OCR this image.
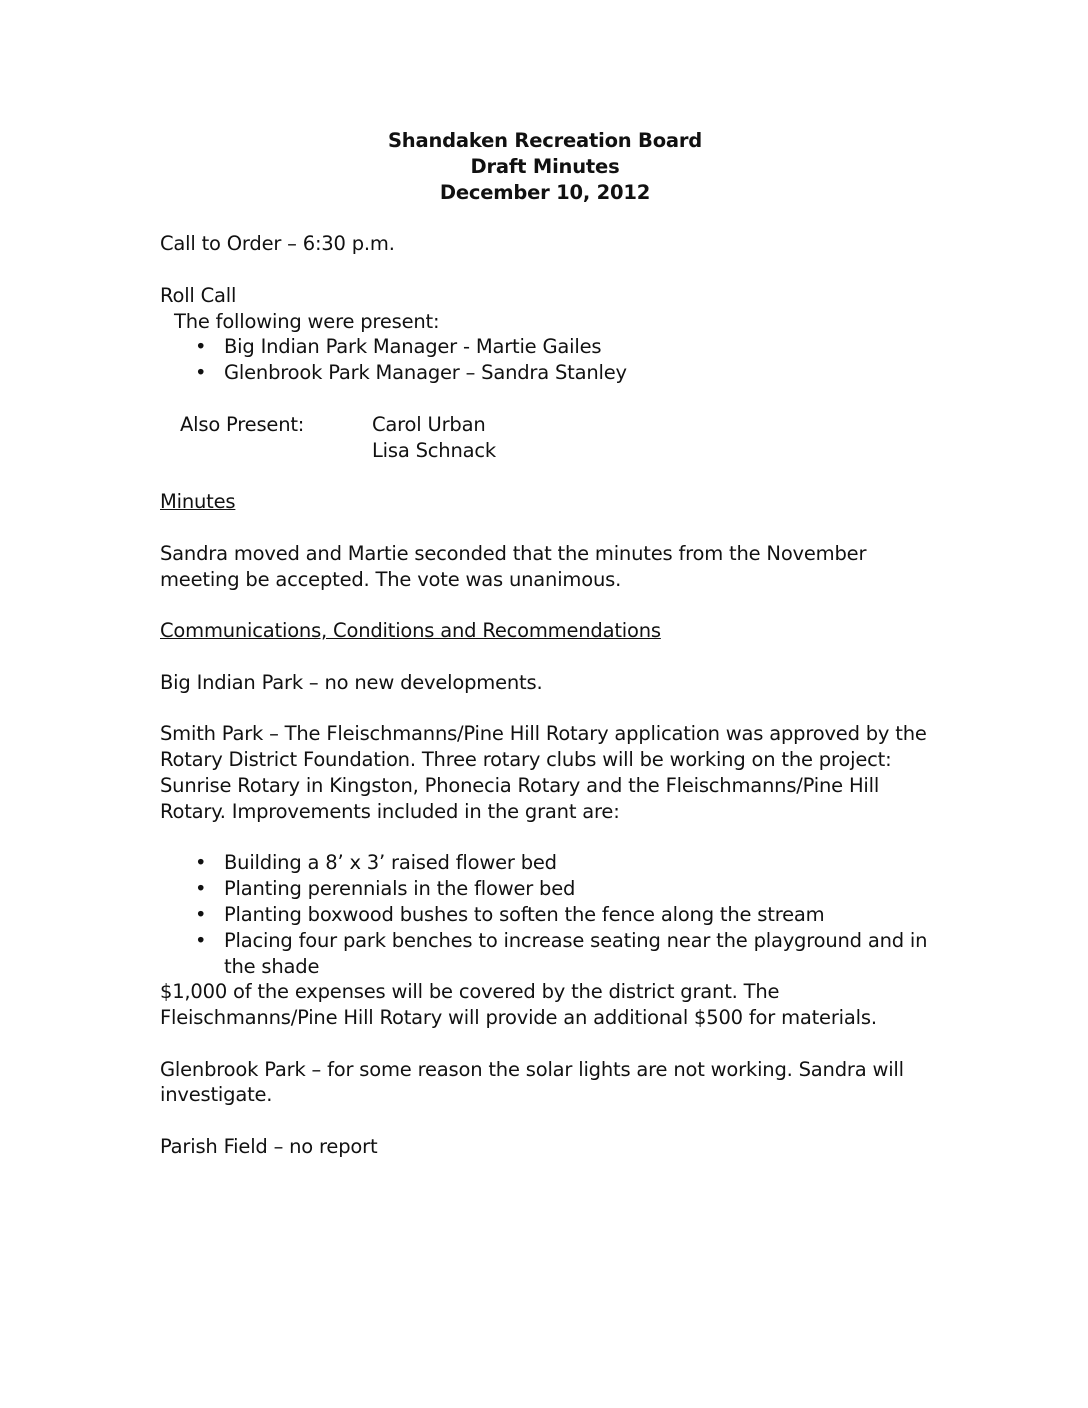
Shandaken Recreation Board
Draft Minutes
December 10, 2012

Call to Order – 6:30 p.m.

Roll Call

The following were present:

• Big Indian Park Manager - Martie Gailes
• Glenbrook Park Manager – Sandra Stanley
Also Present:	Carol Urban
Lisa Schnack

Minutes

Sandra moved and Martie seconded that the minutes from the November

meeting be accepted. The vote was unanimous.

Communications, Conditions and Recommendations

Big Indian Park – no new developments.

Smith Park – The Fleischmanns/Pine Hill Rotary application was approved by the

Rotary District Foundation. Three rotary clubs will be working on the project:

Sunrise Rotary in Kingston, Phonecia Rotary and the Fleischmanns/Pine Hill

Rotary. Improvements included in the grant are:

• Building a 8’ x 3’ raised flower bed
• Planting perennials in the flower bed
• Planting boxwood bushes to soften the fence along the stream
• Placing four park benches to increase seating near the playground and in
the shade

$1,000 of the expenses will be covered by the district grant. The

Fleischmanns/Pine Hill Rotary will provide an additional $500 for materials.

Glenbrook Park – for some reason the solar lights are not working. Sandra will

investigate.

Parish Field – no report
